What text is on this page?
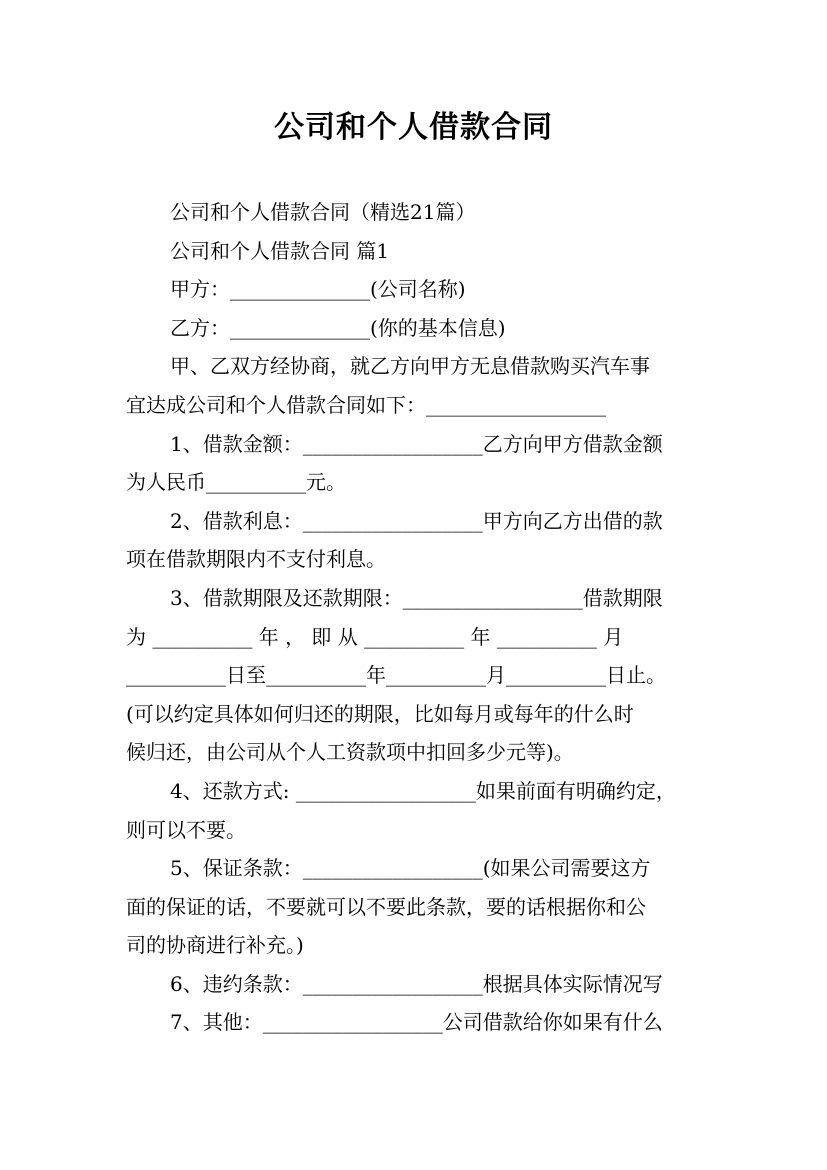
公司和个人借款合同
公司和个人借款合同（精选21篇）
公司和个人借款合同 篇1
甲方：______________(公司名称)
乙方：______________(你的基本信息)
甲、乙双方经协商，就乙方向甲方无息借款购买汽车事
宜达成公司和个人借款合同如下：__________________
1、借款金额：__________________乙方向甲方借款金额
为人民币__________元。
2、借款利息：__________________甲方向乙方出借的款
项在借款期限内不支付利息。
3、借款期限及还款期限：__________________借款期限
为 __________ 年 ， 即 从 __________ 年 __________ 月
__________日至__________年__________月__________日止。
(可以约定具体如何归还的期限，比如每月或每年的什么时
候归还，由公司从个人工资款项中扣回多少元等)。
4、还款方式: __________________如果前面有明确约定，
则可以不要。
5、保证条款：__________________(如果公司需要这方
面的保证的话，不要就可以不要此条款，要的话根据你和公
司的协商进行补充。)
6、违约条款：__________________根据具体实际情况写
7、其他：__________________公司借款给你如果有什么
